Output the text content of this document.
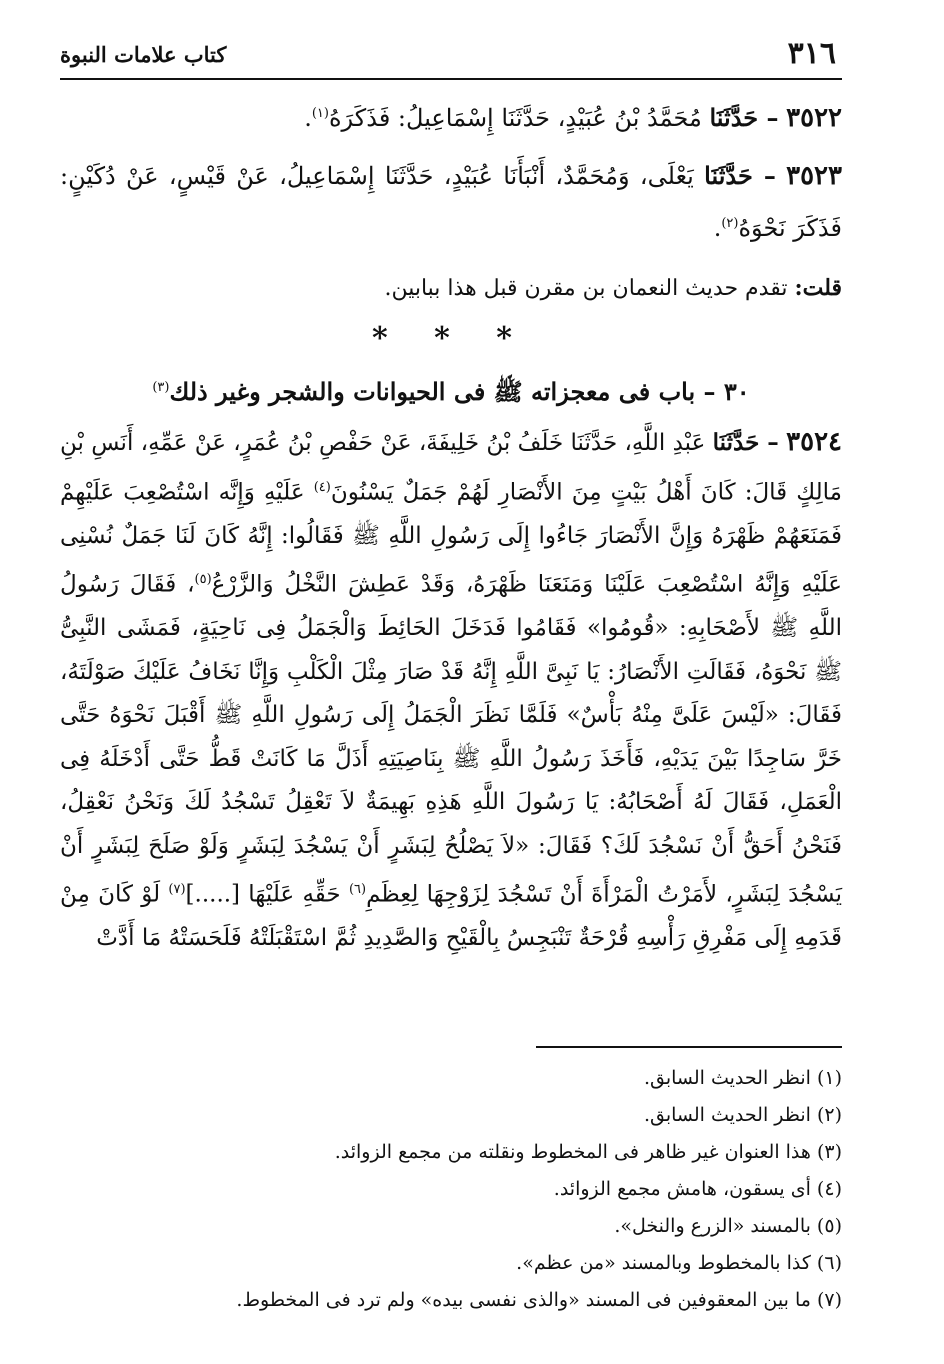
٣١٦
كتاب علامات النبوة

٣٥٢٢ – حَدَّثَنَا مُحَمَّدُ بْنُ عُبَيْدٍ، حَدَّثَنَا إِسْمَاعِيلُ: فَذَكَرَهُ$^{(١)}$.

٣٥٢٣ – حَدَّثَنَا يَعْلَى، وَمُحَمَّدٌ، أَنْبَأَنَا عُبَيْدٍ، حَدَّثَنَا إِسْمَاعِيلُ، عَنْ قَيْسٍ، عَنْ دُكَيْنٍ: فَذَكَرَ نَحْوَهُ$^{(٢)}$.

قلت: تقدم حديث النعمان بن مقرن قبل هذا ببابين.

* * *
٣٠ – باب فى معجزاته ﷺ فى الحيوانات والشجر وغير ذلك$^{(٣)}$

٣٥٢٤ – حَدَّثَنَا عَبْدِ اللَّهِ، حَدَّثَنَا خَلَفُ بْنُ خَلِيفَةَ، عَنْ حَفْصِ بْنُ عُمَرٍ، عَنْ عَمِّهِ، أَنَسِ بْنِ مَالِكٍ قَالَ: كَانَ أَهْلُ بَيْتٍ مِنَ الأَنْصَارِ لَهُمْ جَمَلٌ يَسْنُونَ$^{(٤)}$ عَلَيْهِ وَإِنَّه اسْتُصْعِبَ عَلَيْهِمْ فَمَنَعَهُمْ ظَهْرَهُ وَإِنَّ الأَنْصَارَ جَاءُوا إِلَى رَسُولِ اللَّهِ ﷺ فَقَالُوا: إِنَّهُ كَانَ لَنَا جَمَلٌ نُسْنِى عَلَيْهِ وَإِنَّهُ اسْتُصْعِبَ عَلَيْنَا وَمَنَعَنَا ظَهْرَهُ، وَقَدْ عَطِشَ النَّخْلُ وَالزَّرْعُ$^{(٥)}$، فَقَالَ رَسُولُ اللَّهِ ﷺ لأَصْحَابِهِ: «قُومُوا» فَقَامُوا فَدَخَلَ الحَائِطَ وَالْجَمَلُ فِى نَاحِيَةٍ، فَمَشَى النَّبِىُّ ﷺ نَحْوَهُ، فَقَالَتِ الأَنْصَارُ: يَا نَبِىَّ اللَّهِ إِنَّهُ قَدْ صَارَ مِثْلَ الْكَلْبِ وَإِنَّا نَخَافُ عَلَيْكَ صَوْلَتَهُ، فَقَالَ: «لَيْسَ عَلَىَّ مِنْهُ بَأْسٌ» فَلَمَّا نَظَرَ الْجَمَلُ إِلَى رَسُولِ اللَّهِ ﷺ أَقْبَلَ نَحْوَهُ حَتَّى خَرَّ سَاجِدًا بَيْنَ يَدَيْهِ، فَأَخَذَ رَسُولُ اللَّهِ ﷺ بِنَاصِيَتِهِ أَذَلَّ مَا كَانَتْ قَطُّ حَتَّى أَدْخَلَهُ فِى الْعَمَلِ، فَقَالَ لَهُ أَصْحَابُهُ: يَا رَسُولَ اللَّهِ هَذِهِ بَهِيمَةٌ لاَ تَعْقِلُ تَسْجُدُ لَكَ وَنَحْنُ نَعْقِلُ، فَنَحْنُ أَحَقُّ أَنْ نَسْجُدَ لَكَ؟ فَقَالَ: «لاَ يَصْلُحُ لِبَشَرٍ أَنْ يَسْجُدَ لِبَشَرٍ وَلَوْ صَلَحَ لِبَشَرٍ أَنْ يَسْجُدَ لِبَشَرٍ، لأَمَرْتُ الْمَرْأَةَ أَنْ تَسْجُدَ لِزَوْجِهَا لِعِظَمِ$^{(٦)}$ حَقِّهِ عَلَيْهَا [.....]$^{(٧)}$ لَوْ كَانَ مِنْ قَدَمِهِ إِلَى مَفْرِقِ رَأْسِهِ قُرْحَةٌ تَنْبَجِسُ بِالْقَيْحِ وَالصَّدِيدِ ثُمَّ اسْتَقْبَلَتْهُ فَلَحَسَتْهُ مَا أَدَّتْ

(١) انظر الحديث السابق.

(٢) انظر الحديث السابق.

(٣) هذا العنوان غير ظاهر فى المخطوط ونقلته من مجمع الزوائد.

(٤) أى يسقون، هامش مجمع الزوائد.

(٥) بالمسند «الزرع والنخل».

(٦) كذا بالمخطوط وبالمسند «من عظم».

(٧) ما بين المعقوفين فى المسند «والذى نفسى بيده» ولم ترد فى المخطوط.
